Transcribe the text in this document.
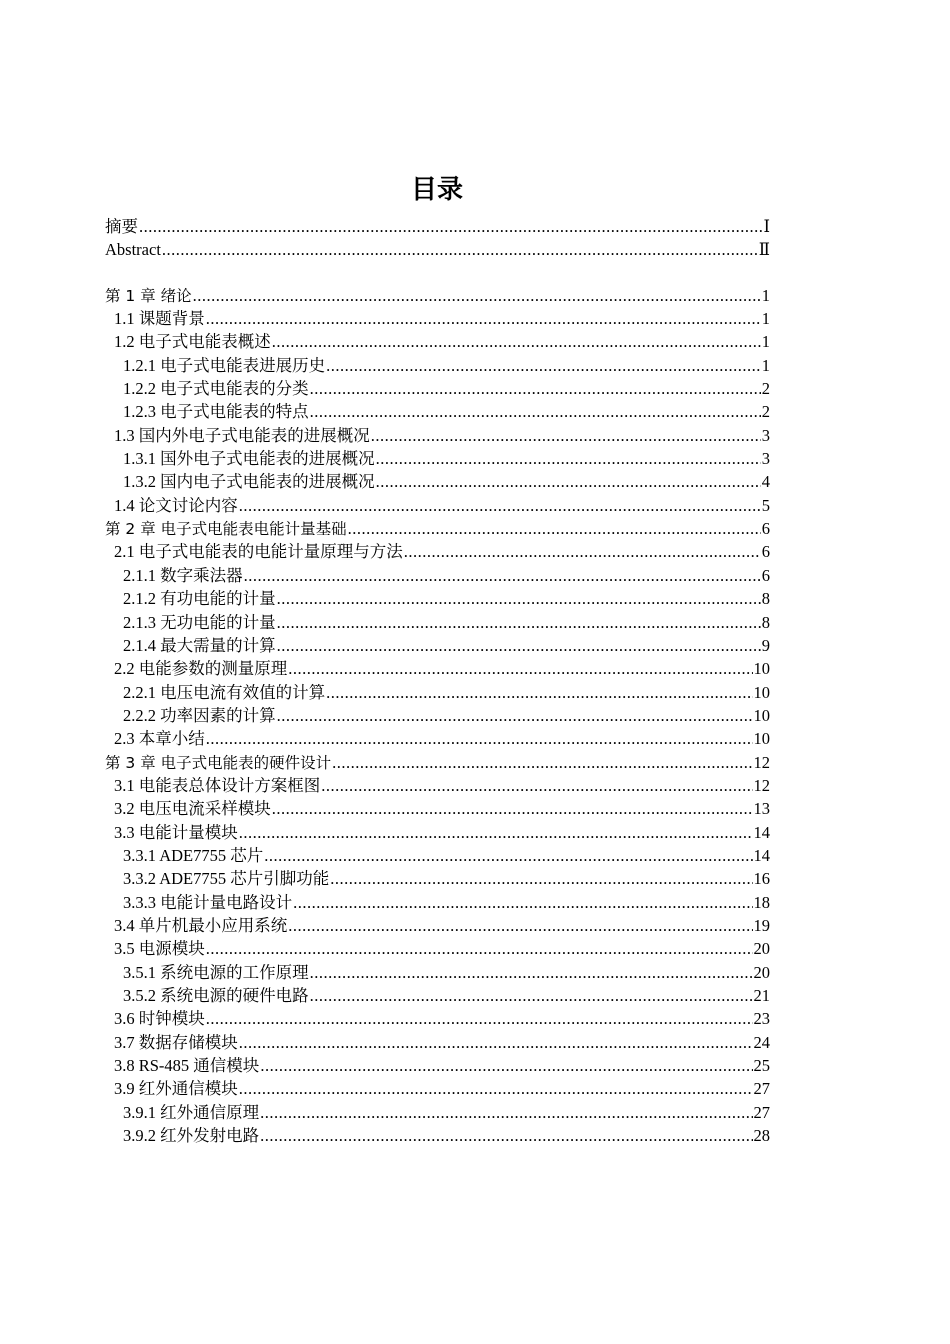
目录
摘要 .....	Ⅰ
Abstract .....	Ⅱ
第 1 章 绪论 .....	1
1.1 课题背景 .....	1
1.2 电子式电能表概述 .....	1
1.2.1 电子式电能表进展历史 .....	1
1.2.2 电子式电能表的分类 .....	2
1.2.3 电子式电能表的特点 .....	2
1.3 国内外电子式电能表的进展概况 .....	3
1.3.1 国外电子式电能表的进展概况 .....	3
1.3.2 国内电子式电能表的进展概况 .....	4
1.4 论文讨论内容 .....	5
第 2 章 电子式电能表电能计量基础 .....	6
2.1 电子式电能表的电能计量原理与方法 .....	6
2.1.1 数字乘法器 .....	6
2.1.2 有功电能的计量 .....	8
2.1.3 无功电能的计量 .....	8
2.1.4 最大需量的计算 .....	9
2.2 电能参数的测量原理 .....	10
2.2.1 电压电流有效值的计算 .....	10
2.2.2 功率因素的计算 .....	10
2.3 本章小结 .....	10
第 3 章 电子式电能表的硬件设计 .....	12
3.1 电能表总体设计方案框图 .....	12
3.2 电压电流采样模块 .....	13
3.3 电能计量模块 .....	14
3.3.1 ADE7755 芯片 .....	14
3.3.2 ADE7755 芯片引脚功能 .....	16
3.3.3 电能计量电路设计 .....	18
3.4 单片机最小应用系统 .....	19
3.5 电源模块 .....	20
3.5.1 系统电源的工作原理 .....	20
3.5.2 系统电源的硬件电路 .....	21
3.6 时钟模块 .....	23
3.7 数据存储模块 .....	24
3.8 RS-485 通信模块 .....	25
3.9 红外通信模块 .....	27
3.9.1 红外通信原理 .....	27
3.9.2 红外发射电路 .....	28
